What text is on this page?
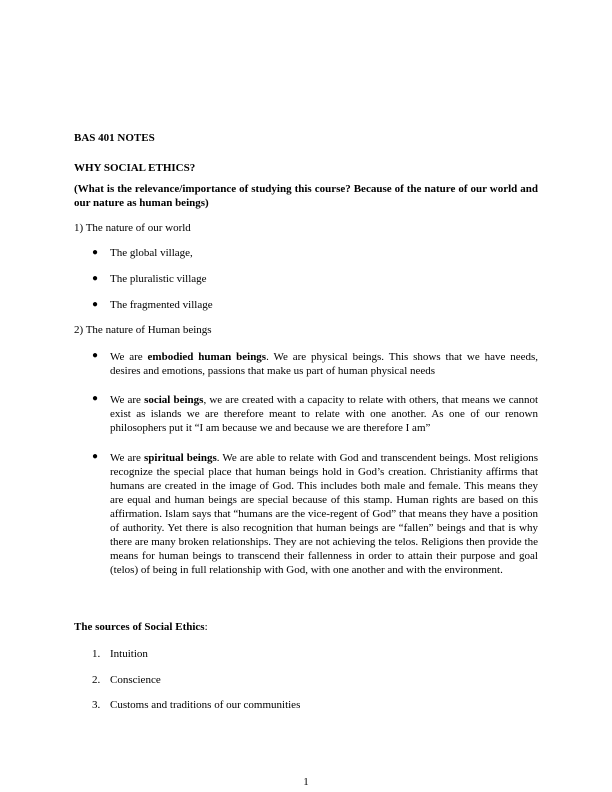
BAS 401 NOTES
WHY SOCIAL ETHICS?
(What is the relevance/importance of studying this course? Because of the nature of our world and our nature as human beings)
1) The nature of our world
● The global village,
● The pluralistic village
● The fragmented village
2) The nature of Human beings
● We are embodied human beings. We are physical beings. This shows that we have needs, desires and emotions, passions that make us part of human physical needs
● We are social beings, we are created with a capacity to relate with others, that means we cannot exist as islands we are therefore meant to relate with one another. As one of our renown philosophers put it “I am because we and because we are therefore I am”
● We are spiritual beings. We are able to relate with God and transcendent beings. Most religions recognize the special place that human beings hold in God’s creation. Christianity affirms that humans are created in the image of God. This includes both male and female. This means they are equal and human beings are special because of this stamp. Human rights are based on this affirmation. Islam says that “humans are the vice-regent of God” that means they have a position of authority. Yet there is also recognition that human beings are “fallen” beings and that is why there are many broken relationships. They are not achieving the telos. Religions then provide the means for human beings to transcend their fallenness in order to attain their purpose and goal (telos) of being in full relationship with God, with one another and with the environment.
The sources of Social Ethics:
1. Intuition
2. Conscience
3. Customs and traditions of our communities
1
